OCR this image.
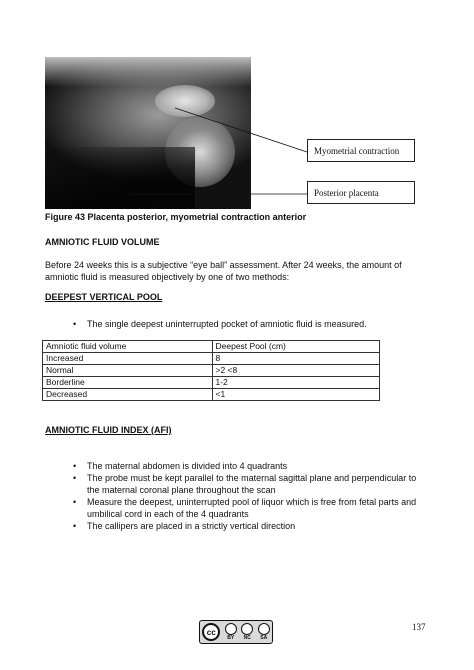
Myometrial contraction
Posterior placenta
Figure 43 Placenta posterior, myometrial contraction anterior
AMNIOTIC FLUID VOLUME
Before 24 weeks this is a subjective “eye ball” assessment. After 24 weeks, the amount of
amniotic fluid is measured objectively by one of two methods:
DEEPEST VERTICAL POOL
• The single deepest uninterrupted pocket of amniotic fluid is measured.
Amniotic fluid volume	Deepest Pool (cm)
Increased	8
Normal	>2 <8
Borderline	1-2
Decreased	<1
AMNIOTIC FLUID INDEX (AFI)
• The maternal abdomen is divided into 4 quadrants
• The probe must be kept parallel to the maternal sagittal plane and perpendicular to
the maternal coronal plane throughout the scan
• Measure the deepest, uninterrupted pool of liquor which is free from fetal parts and
umbilical cord in each of the 4 quadrants
• The callipers are placed in a strictly vertical direction
137
cc
BY NC SA
